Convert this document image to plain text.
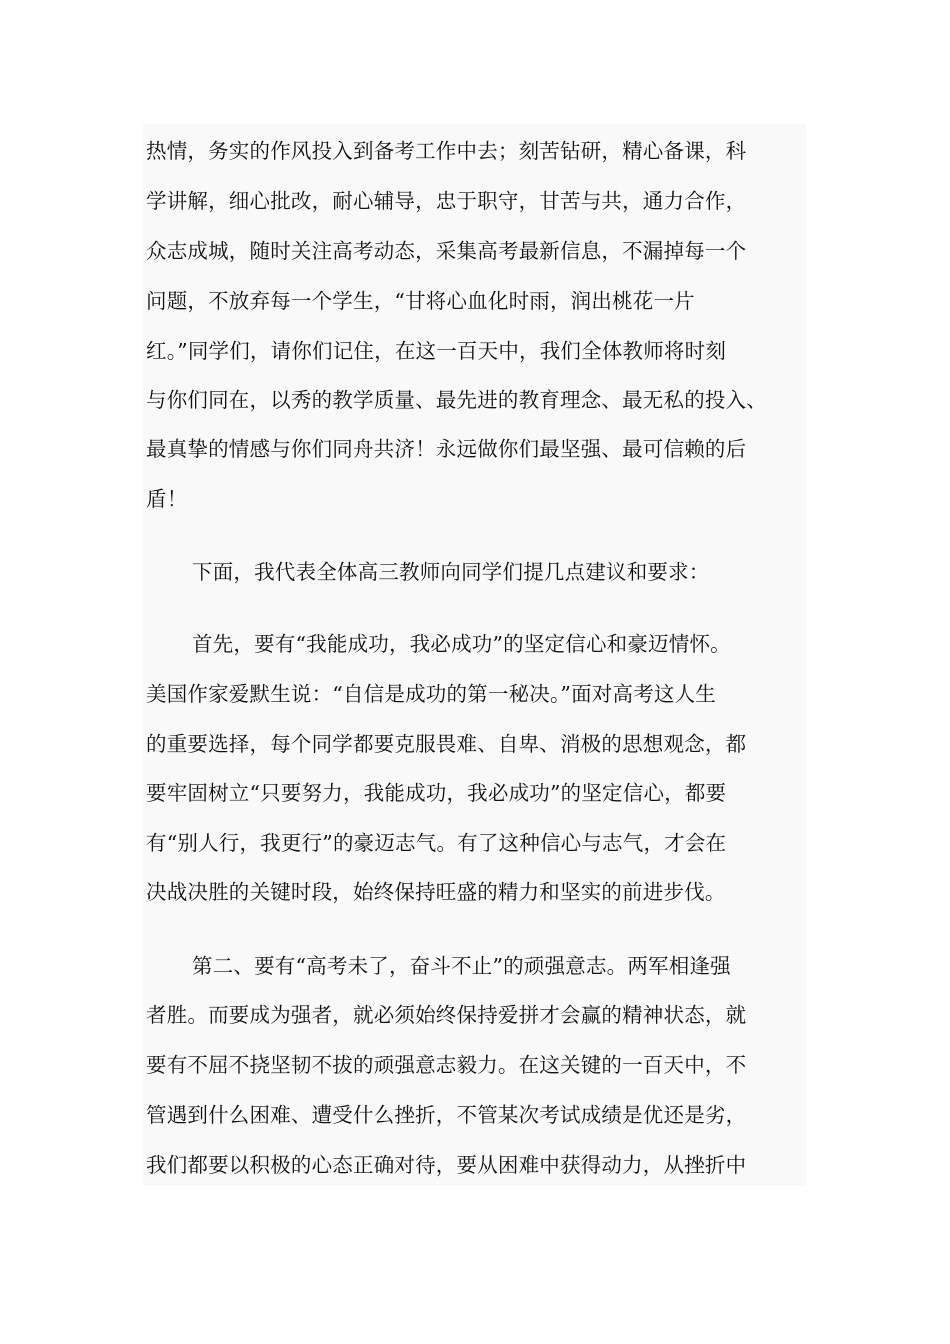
热情，务实的作风投入到备考工作中去；刻苦钻研，精心备课，科
学讲解，细心批改，耐心辅导，忠于职守，甘苦与共，通力合作，
众志成城，随时关注高考动态，采集高考最新信息，不漏掉每一个
问题，不放弃每一个学生，“甘将心血化时雨，润出桃花一片
红。”同学们，请你们记住，在这一百天中，我们全体教师将时刻
与你们同在，以秀的教学质量、最先进的教育理念、最无私的投入、
最真挚的情感与你们同舟共济！永远做你们最坚强、最可信赖的后
盾！
下面，我代表全体高三教师向同学们提几点建议和要求：
首先，要有“我能成功，我必成功”的坚定信心和豪迈情怀。
美国作家爱默生说：“自信是成功的第一秘决。”面对高考这人生
的重要选择，每个同学都要克服畏难、自卑、消极的思想观念，都
要牢固树立“只要努力，我能成功，我必成功”的坚定信心，都要
有“别人行，我更行”的豪迈志气。有了这种信心与志气，才会在
决战决胜的关键时段，始终保持旺盛的精力和坚实的前进步伐。
第二、要有“高考未了，奋斗不止”的顽强意志。两军相逢强
者胜。而要成为强者，就必须始终保持爱拼才会赢的精神状态，就
要有不屈不挠坚韧不拔的顽强意志毅力。在这关键的一百天中，不
管遇到什么困难、遭受什么挫折，不管某次考试成绩是优还是劣，
我们都要以积极的心态正确对待，要从困难中获得动力，从挫折中
